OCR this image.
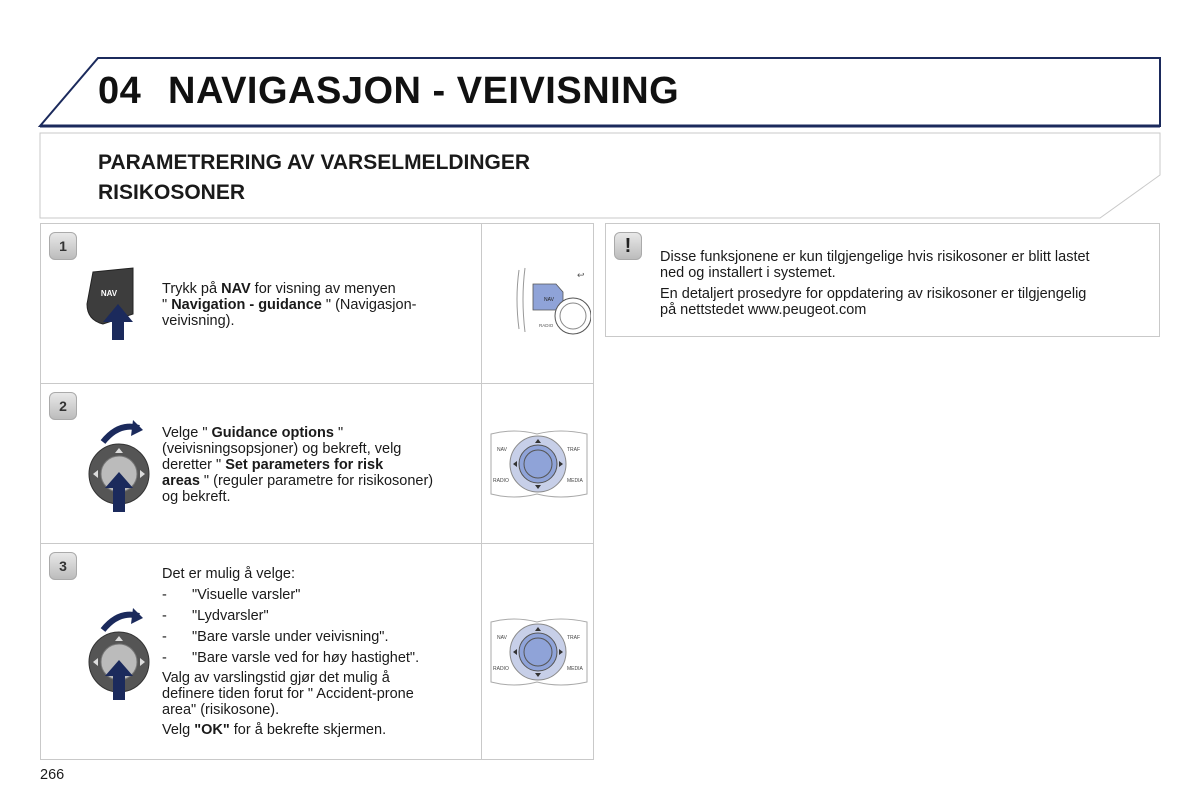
04 NAVIGASJON - VEIVISNING
PARAMETRERING AV VARSELMELDINGER
RISIKOSONER
1
NAV	Trykk på NAV for visning av menyen

" Navigation - guidance " (Navigasjon-

veivisning).

NAV
RADIO
↩
2

Velge " Guidance options "

(veivisningsopsjoner) og bekreft, velg

deretter " Set parameters for risk

areas " (reguler parametre for risikosoner)

og bekreft.

NAV	TRAF
RADIO	MEDIA
3	Det er mulig å velge:

-	"Visuelle varsler"
-	"Lydvarsler"
-	"Bare varsle under veivisning".
-	"Bare varsle ved for høy hastighet".

Valg av varslingstid gjør det mulig å

definere tiden forut for " Accident-prone

area" (risikosone).

Velg "OK" for å bekrefte skjermen.

NAV	TRAF
RADIO	MEDIA
!	Disse funksjonene er kun tilgjengelige hvis risikosoner er blitt lastet
ned og installert i systemet.

En detaljert prosedyre for oppdatering av risikosoner er tilgjengelig
på nettstedet www.peugeot.com

266
